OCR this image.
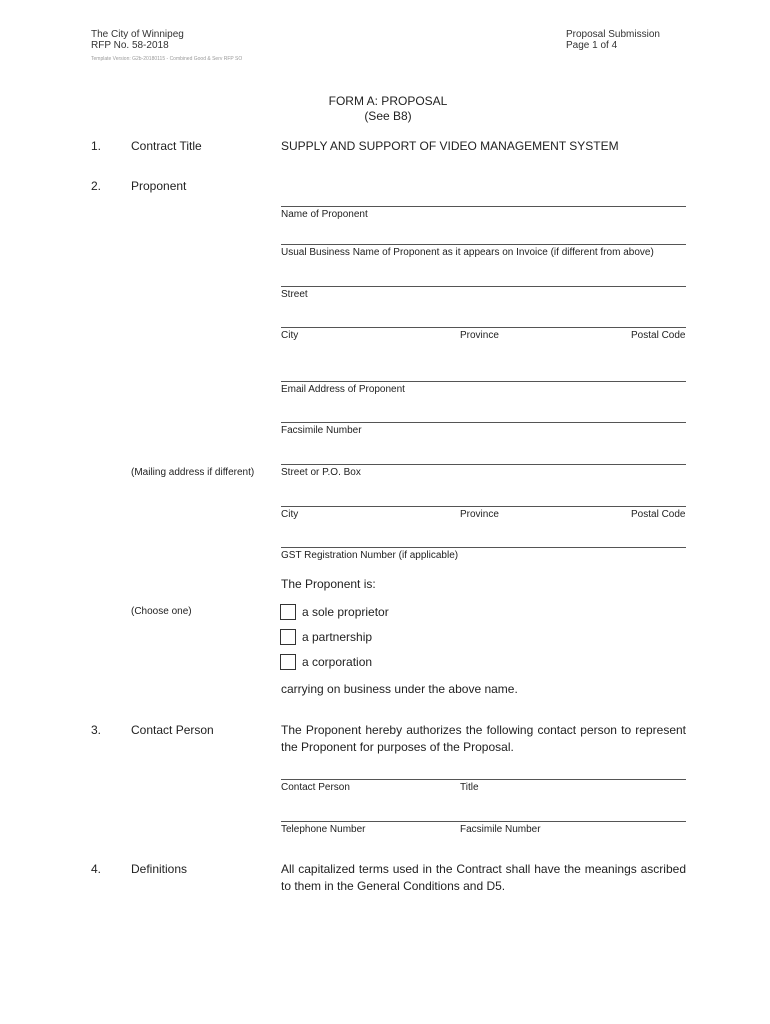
The City of Winnipeg
RFP No. 58-2018
Template Version: G2b-20180115 - Combined Good & Serv RFP SO
Proposal Submission
Page 1 of 4
FORM A: PROPOSAL
(See B8)
1. Contract Title	SUPPLY AND SUPPORT OF VIDEO MANAGEMENT SYSTEM
2. Proponent
Name of Proponent
Usual Business Name of Proponent as it appears on Invoice (if different from above)
Street
City	Province	Postal Code
Email Address of Proponent
Facsimile Number
(Mailing address if different)	Street or P.O. Box
City	Province	Postal Code
GST Registration Number (if applicable)
The Proponent is:
(Choose one)	a sole proprietor
a partnership
a corporation
carrying on business under the above name.
3. Contact Person	The Proponent hereby authorizes the following contact person to represent the Proponent for purposes of the Proposal.
Contact Person	Title
Telephone Number	Facsimile Number
4. Definitions	All capitalized terms used in the Contract shall have the meanings ascribed to them in the General Conditions and D5.
